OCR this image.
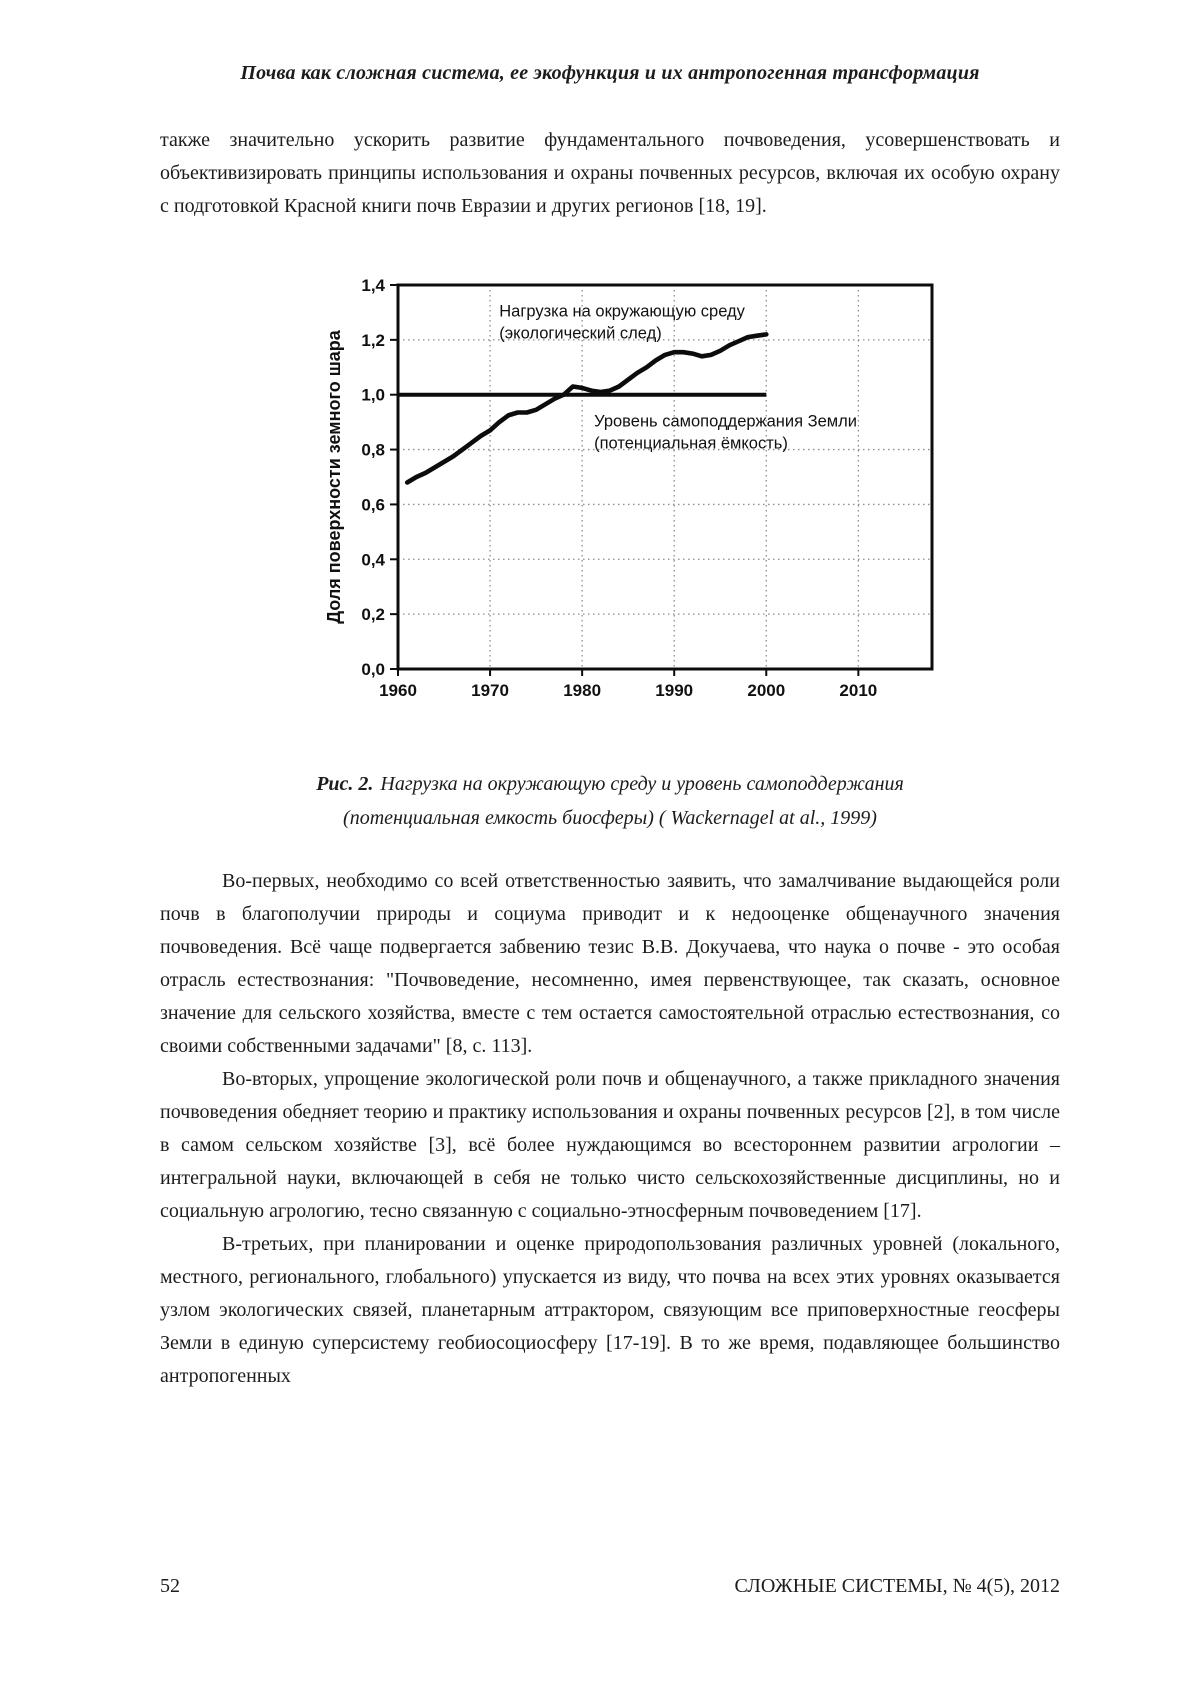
Почва как сложная система, ее экофункция и их антропогенная трансформация

также значительно ускорить развитие фундаментального почвоведения, усовершенствовать и объективизировать принципы использования и охраны почвенных ресурсов, включая их особую охрану с подготовкой Красной книги почв Евразии и других регионов [18, 19].

1960	1970	1980	1990	2000	2010
0,0
0,2
0,4
0,6
0,8
1,0
1,2
1,4
Нагрузка на окружающую среду
(экологический след)
Уровень самоподдержания Земли
(потенциальная ёмкость)
Доля поверхности земного шара
Рис. 2. Нагрузка на окружающую среду и уровень самоподдержания
(потенциальная емкость биосферы) ( Wackernagel at al., 1999)

Во-первых, необходимо со всей ответственностью заявить, что замалчивание выдающейся роли почв в благополучии природы и социума приводит и к недооценке общенаучного значения почвоведения. Всё чаще подвергается забвению тезис В.В. Докучаева, что наука о почве - это особая отрасль естествознания: "Почвоведение, несомненно, имея первенствующее, так сказать, основное значение для сельского хозяйства, вместе с тем остается самостоятельной отраслью естествознания, со своими собственными задачами" [8, с. 113].

Во-вторых, упрощение экологической роли почв и общенаучного, а также прикладного значения почвоведения обедняет теорию и практику использования и охраны почвенных ресурсов [2], в том числе в самом сельском хозяйстве [3], всё более нуждающимся во всестороннем развитии агрологии – интегральной науки, включающей в себя не только чисто сельскохозяйственные дисциплины, но и социальную агрологию, тесно связанную с социально-этносферным почвоведением [17].

В-третьих, при планировании и оценке природопользования различных уровней (локального, местного, регионального, глобального) упускается из виду, что почва на всех этих уровнях оказывается узлом экологических связей, планетарным аттрактором, связующим все приповерхностные геосферы Земли в единую суперсистему геобиосоциосферу [17-19]. В то же время, подавляющее большинство антропогенных

52	СЛОЖНЫЕ СИСТЕМЫ, № 4(5), 2012
